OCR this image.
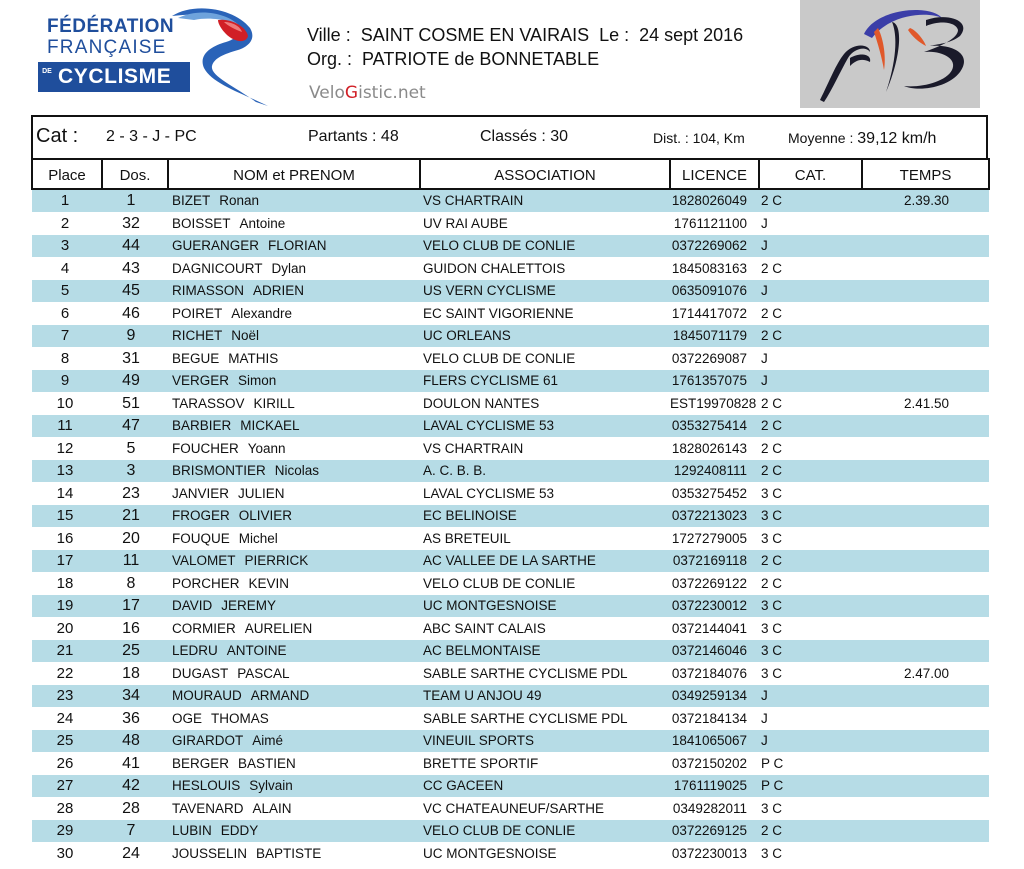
FÉDÉRATION
FRANÇAISE
DE CYCLISME
Ville :  SAINT COSME EN VAIRAIS  Le :  24 sept 2016
Org. :  PATRIOTE de BONNETABLE
VeloGistic.net
Cat : 2 - 3 - J - PC	Partants : 48	Classés : 30	Dist. : 104, Km	Moyenne : 39,12 km/h
Place	Dos.	NOM et PRENOM	ASSOCIATION	LICENCE	CAT.	TEMPS
1	1	BIZET Ronan	VS CHARTRAIN	1828026049	2 C	2.39.30
2	32	BOISSET Antoine	UV RAI AUBE	1761121100	J	
3	44	GUERANGER FLORIAN	VELO CLUB DE CONLIE	0372269062	J	
4	43	DAGNICOURT Dylan	GUIDON CHALETTOIS	1845083163	2 C	
5	45	RIMASSON ADRIEN	US VERN CYCLISME	0635091076	J	
6	46	POIRET Alexandre	EC SAINT VIGORIENNE	1714417072	2 C	
7	9	RICHET Noël	UC ORLEANS	1845071179	2 C	
8	31	BEGUE MATHIS	VELO CLUB DE CONLIE	0372269087	J	
9	49	VERGER Simon	FLERS CYCLISME 61	1761357075	J	
10	51	TARASSOV KIRILL	DOULON NANTES	EST19970828	2 C	2.41.50
11	47	BARBIER MICKAEL	LAVAL CYCLISME 53	0353275414	2 C	
12	5	FOUCHER Yoann	VS CHARTRAIN	1828026143	2 C	
13	3	BRISMONTIER Nicolas	A. C. B. B.	1292408111	2 C	
14	23	JANVIER JULIEN	LAVAL CYCLISME 53	0353275452	3 C	
15	21	FROGER OLIVIER	EC BELINOISE	0372213023	3 C	
16	20	FOUQUE Michel	AS BRETEUIL	1727279005	3 C	
17	11	VALOMET PIERRICK	AC VALLEE DE LA SARTHE	0372169118	2 C	
18	8	PORCHER KEVIN	VELO CLUB DE CONLIE	0372269122	2 C	
19	17	DAVID JEREMY	UC MONTGESNOISE	0372230012	3 C	
20	16	CORMIER AURELIEN	ABC SAINT CALAIS	0372144041	3 C	
21	25	LEDRU ANTOINE	AC BELMONTAISE	0372146046	3 C	
22	18	DUGAST PASCAL	SABLE SARTHE CYCLISME PDL	0372184076	3 C	2.47.00
23	34	MOURAUD ARMAND	TEAM U ANJOU 49	0349259134	J	
24	36	OGE THOMAS	SABLE SARTHE CYCLISME PDL	0372184134	J	
25	48	GIRARDOT Aimé	VINEUIL SPORTS	1841065067	J	
26	41	BERGER BASTIEN	BRETTE SPORTIF	0372150202	P C	
27	42	HESLOUIS Sylvain	CC GACEEN	1761119025	P C	
28	28	TAVENARD ALAIN	VC CHATEAUNEUF/SARTHE	0349282011	3 C	
29	7	LUBIN EDDY	VELO CLUB DE CONLIE	0372269125	2 C	
30	24	JOUSSELIN BAPTISTE	UC MONTGESNOISE	0372230013	3 C	
